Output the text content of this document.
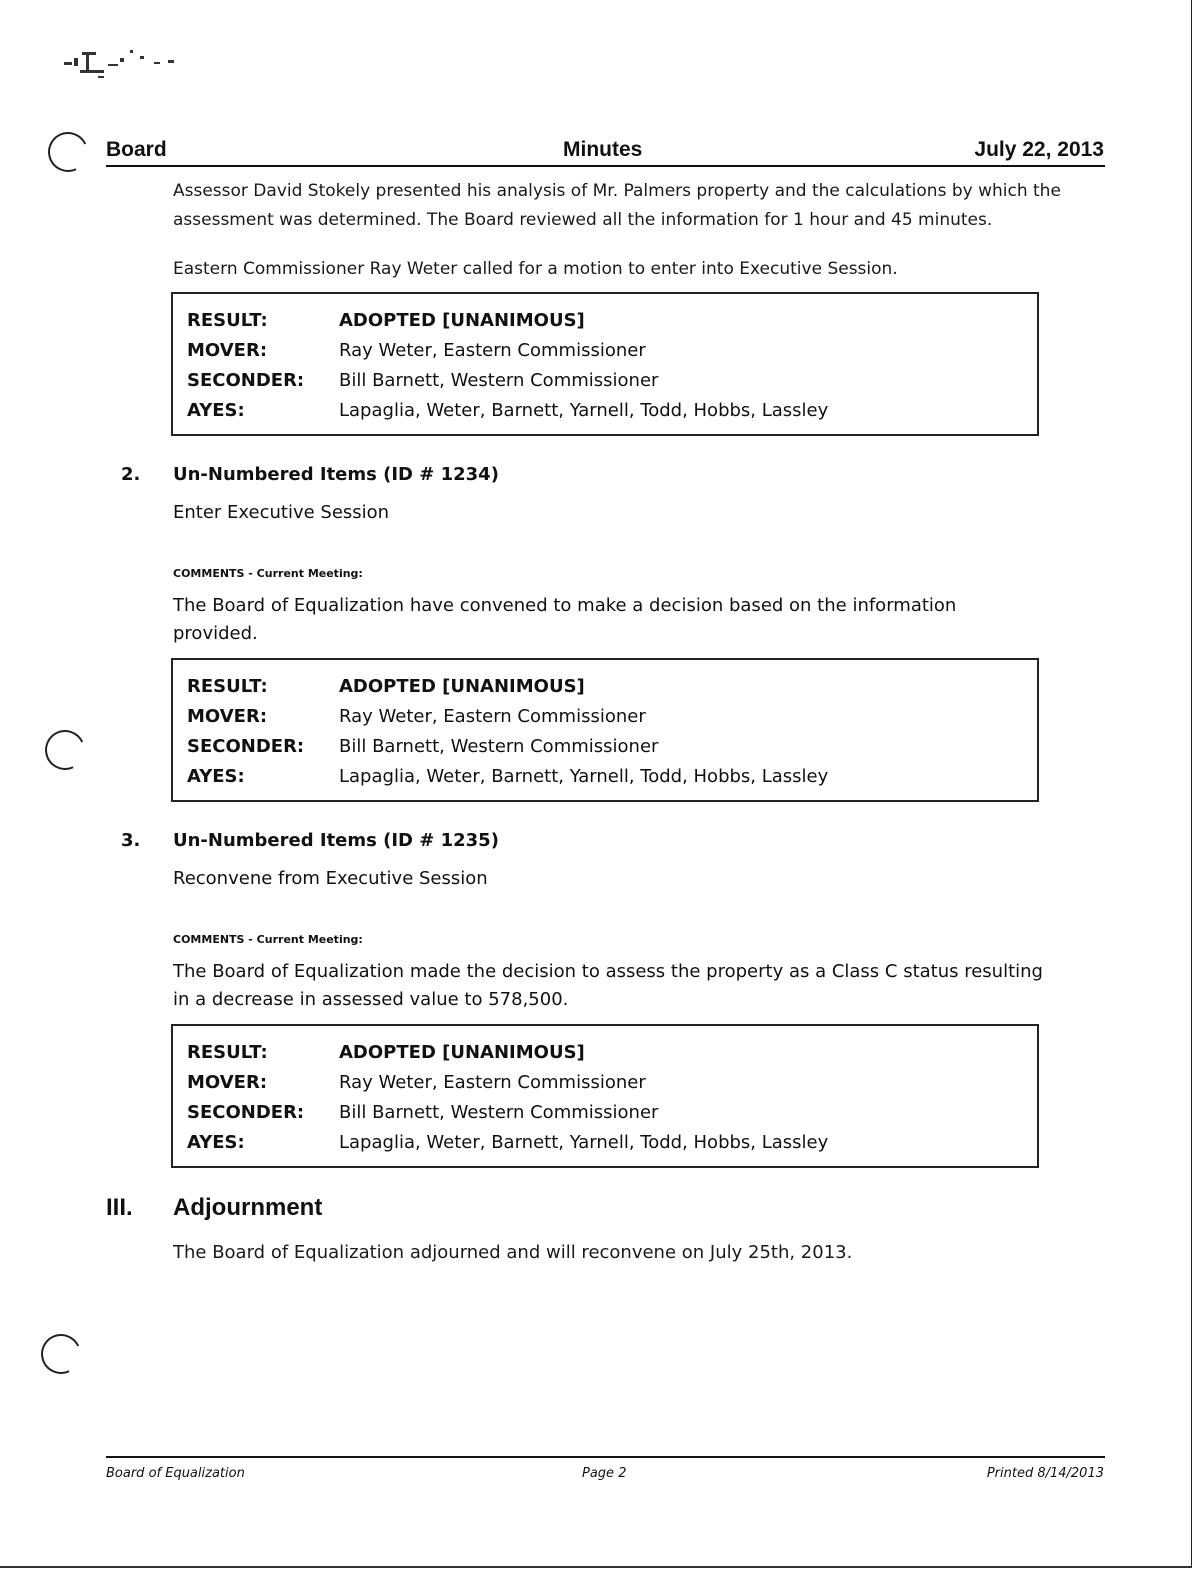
Board	Minutes	July 22, 2013
Assessor David Stokely presented his analysis of Mr. Palmers property and the calculations by which the
assessment was determined. The Board reviewed all the information for 1 hour and 45 minutes.
Eastern Commissioner Ray Weter called for a motion to enter into Executive Session.
RESULT:	ADOPTED [UNANIMOUS]
MOVER:	Ray Weter, Eastern Commissioner
SECONDER:	Bill Barnett, Western Commissioner
AYES:	Lapaglia, Weter, Barnett, Yarnell, Todd, Hobbs, Lassley
2. Un-Numbered Items (ID # 1234)
Enter Executive Session
COMMENTS - Current Meeting:
The Board of Equalization have convened to make a decision based on the information
provided.
RESULT:	ADOPTED [UNANIMOUS]
MOVER:	Ray Weter, Eastern Commissioner
SECONDER:	Bill Barnett, Western Commissioner
AYES:	Lapaglia, Weter, Barnett, Yarnell, Todd, Hobbs, Lassley
3. Un-Numbered Items (ID # 1235)
Reconvene from Executive Session
COMMENTS - Current Meeting:
The Board of Equalization made the decision to assess the property as a Class C status resulting
in a decrease in assessed value to 578,500.
RESULT:	ADOPTED [UNANIMOUS]
MOVER:	Ray Weter, Eastern Commissioner
SECONDER:	Bill Barnett, Western Commissioner
AYES:	Lapaglia, Weter, Barnett, Yarnell, Todd, Hobbs, Lassley
III. Adjournment
The Board of Equalization adjourned and will reconvene on July 25th, 2013.
Board of Equalization	Page 2	Printed 8/14/2013
